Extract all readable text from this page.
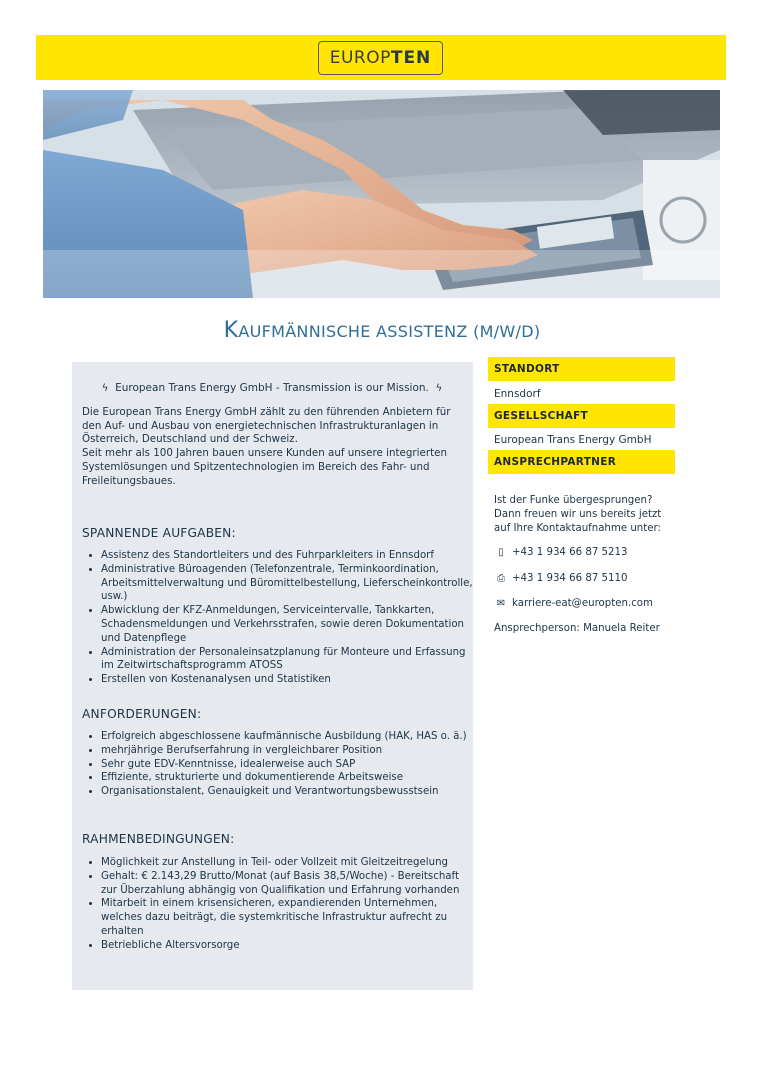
EUROP TEN
KAUFMÄNNISCHE ASSISTENZ (M/W/D)
ϟ European Trans Energy GmbH - Transmission is our Mission. ϟ
Die European Trans Energy GmbH zählt zu den führenden Anbietern für
den Auf- und Ausbau von energietechnischen Infrastrukturanlagen in
Österreich, Deutschland und der Schweiz.
Seit mehr als 100 Jahren bauen unsere Kunden auf unsere integrierten
Systemlösungen und Spitzentechnologien im Bereich des Fahr- und
Freileitungsbaues.
SPANNENDE AUFGABEN:
• Assistenz des Standortleiters und des Fuhrparkleiters in Ennsdorf
• Administrative Büroagenden (Telefonzentrale, Terminkoordination, Arbeitsmittelverwaltung und Büromittelbestellung, Lieferscheinkontrolle, usw.)
• Abwicklung der KFZ-Anmeldungen, Serviceintervalle, Tankkarten, Schadensmeldungen und Verkehrsstrafen, sowie deren Dokumentation und Datenpflege
• Administration der Personaleinsatzplanung für Monteure und Erfassung im Zeitwirtschaftsprogramm ATOSS
• Erstellen von Kostenanalysen und Statistiken
ANFORDERUNGEN:
• Erfolgreich abgeschlossene kaufmännische Ausbildung (HAK, HAS o. ä.)
• mehrjährige Berufserfahrung in vergleichbarer Position
• Sehr gute EDV-Kenntnisse, idealerweise auch SAP
• Effiziente, strukturierte und dokumentierende Arbeitsweise
• Organisationstalent, Genauigkeit und Verantwortungsbewusstsein
RAHMENBEDINGUNGEN:
• Möglichkeit zur Anstellung in Teil- oder Vollzeit mit Gleitzeitregelung
• Gehalt: € 2.143,29 Brutto/Monat (auf Basis 38,5/Woche) - Bereitschaft zur Überzahlung abhängig von Qualifikation und Erfahrung vorhanden
• Mitarbeit in einem krisensicheren, expandierenden Unternehmen, welches dazu beiträgt, die systemkritische Infrastruktur aufrecht zu erhalten
• Betriebliche Altersvorsorge
STANDORT
Ennsdorf
GESELLSCHAFT
European Trans Energy GmbH
ANSPRECHPARTNER
Ist der Funke übergesprungen? Dann freuen wir uns bereits jetzt auf Ihre Kontaktaufnahme unter:
▯ +43 1 934 66 87 5213
⎙ +43 1 934 66 87 5110
✉ karriere-eat@europten.com
Ansprechperson: Manuela Reiter
